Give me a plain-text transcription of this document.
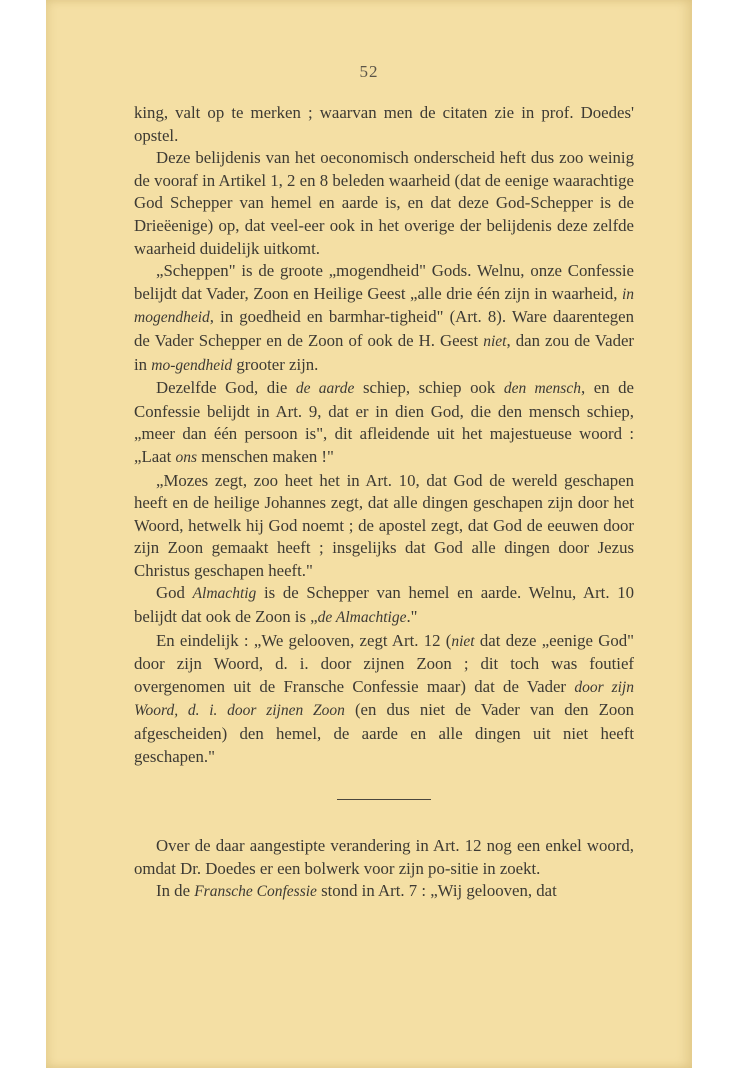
52

king, valt op te merken ; waarvan men de citaten zie in prof. Doedes' opstel.

Deze belijdenis van het oeconomisch onderscheid heft dus zoo weinig de vooraf in Artikel 1, 2 en 8 beleden waarheid (dat de eenige waarachtige God Schepper van hemel en aarde is, en dat deze God-Schepper is de Drieëenige) op, dat veel-eer ook in het overige der belijdenis deze zelfde waarheid duidelijk uitkomt.

„Scheppen" is de groote „mogendheid" Gods. Welnu, onze Confessie belijdt dat Vader, Zoon en Heilige Geest „alle drie één zijn in waarheid, in mogendheid, in goedheid en barmhar-tigheid" (Art. 8). Ware daarentegen de Vader Schepper en de Zoon of ook de H. Geest niet, dan zou de Vader in mo-gendheid grooter zijn.

Dezelfde God, die de aarde schiep, schiep ook den mensch, en de Confessie belijdt in Art. 9, dat er in dien God, die den mensch schiep, „meer dan één persoon is", dit afleidende uit het majestueuse woord : „Laat ons menschen maken !"

„Mozes zegt, zoo heet het in Art. 10, dat God de wereld geschapen heeft en de heilige Johannes zegt, dat alle dingen geschapen zijn door het Woord, hetwelk hij God noemt ; de apostel zegt, dat God de eeuwen door zijn Zoon gemaakt heeft ; insgelijks dat God alle dingen door Jezus Christus geschapen heeft."

God Almachtig is de Schepper van hemel en aarde. Welnu, Art. 10 belijdt dat ook de Zoon is „de Almachtige."

En eindelijk : „We gelooven, zegt Art. 12 (niet dat deze „eenige God" door zijn Woord, d. i. door zijnen Zoon ; dit toch was foutief overgenomen uit de Fransche Confessie maar) dat de Vader door zijn Woord, d. i. door zijnen Zoon (en dus niet de Vader van den Zoon afgescheiden) den hemel, de aarde en alle dingen uit niet heeft geschapen."

Over de daar aangestipte verandering in Art. 12 nog een enkel woord, omdat Dr. Doedes er een bolwerk voor zijn po-sitie in zoekt.

In de Fransche Confessie stond in Art. 7 : „Wij gelooven, dat
